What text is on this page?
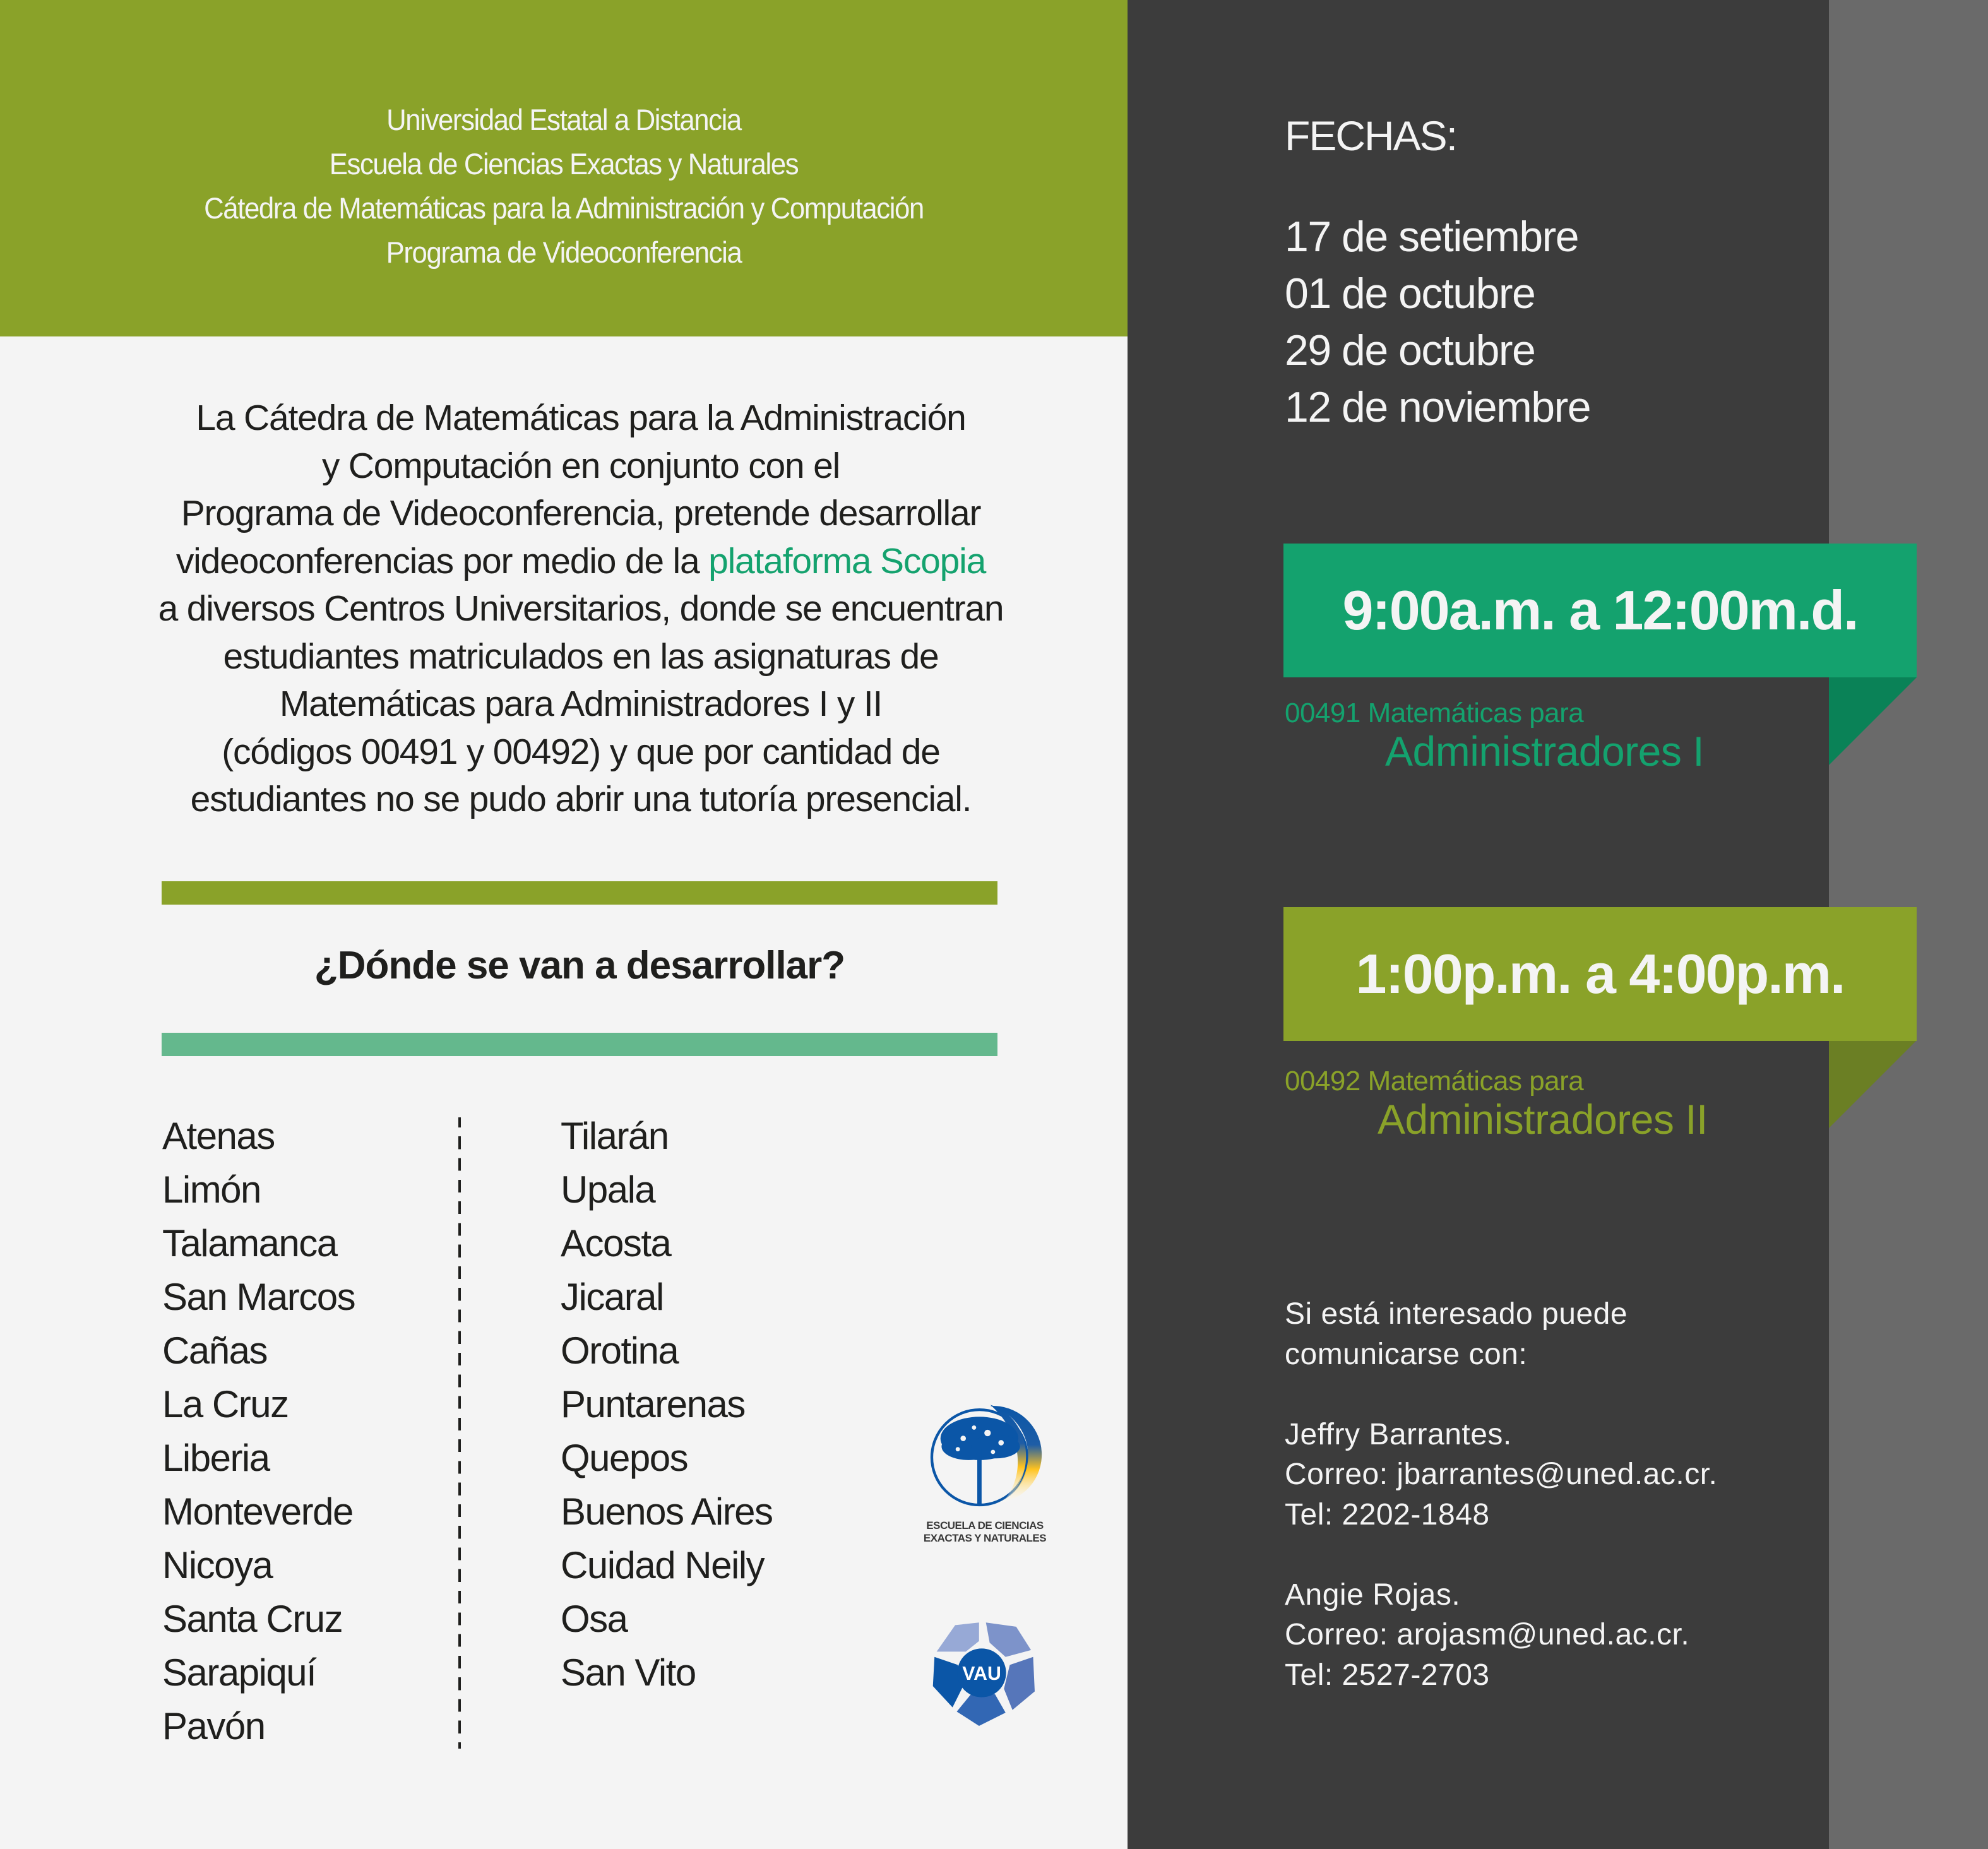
Universidad Estatal a Distancia
Escuela de Ciencias Exactas y Naturales
Cátedra de Matemáticas para la Administración y Computación
Programa de Videoconferencia
La Cátedra de Matemáticas para la Administración
y Computación en conjunto con el
Programa de Videoconferencia, pretende desarrollar
videoconferencias por medio de la plataforma Scopia
a diversos Centros Universitarios, donde se encuentran
estudiantes matriculados en las asignaturas de
Matemáticas para Administradores I y II
(códigos 00491 y 00492) y que por cantidad de
estudiantes no se pudo abrir una tutoría presencial.
¿Dónde se van a desarrollar?
Atenas
Limón
Talamanca
San Marcos
Cañas
La Cruz
Liberia
Monteverde
Nicoya
Santa Cruz
Sarapiquí
Pavón
Tilarán
Upala
Acosta
Jicaral
Orotina
Puntarenas
Quepos
Buenos Aires
Cuidad Neily
Osa
San Vito
ESCUELA DE CIENCIAS
EXACTAS Y NATURALES
VAU
FECHAS:
17 de setiembre
01 de octubre
29 de octubre
12 de noviembre
9:00a.m. a 12:00m.d.
00491 Matemáticas para
Administradores I
1:00p.m. a 4:00p.m.
00492 Matemáticas para
Administradores II
Si está interesado puede
comunicarse con:
Jeffry Barrantes.
Correo: jbarrantes@uned.ac.cr.
Tel: 2202-1848
Angie Rojas.
Correo: arojasm@uned.ac.cr.
Tel: 2527-2703
